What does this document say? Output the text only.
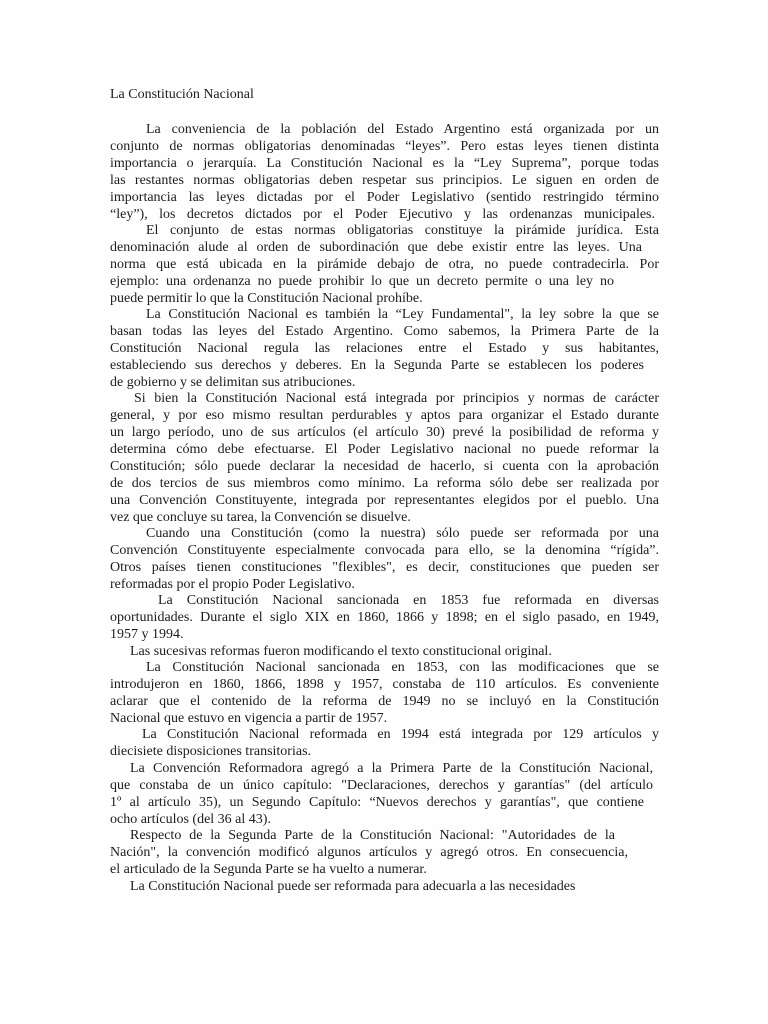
La Constitución Nacional
La conveniencia de la población del Estado Argentino está organizada por un
conjunto de normas obligatorias denominadas “leyes”. Pero estas leyes tienen distinta
importancia o jerarquía. La Constitución Nacional es la “Ley Suprema”, porque todas
las restantes normas obligatorias deben respetar sus principios. Le siguen en orden de
importancia las leyes dictadas por el Poder Legislativo (sentido restringido término
“ley”), los decretos dictados por el Poder Ejecutivo y las ordenanzas municipales.
El conjunto de estas normas obligatorias constituye la pirámide jurídica. Esta
denominación alude al orden de subordinación que debe existir entre las leyes. Una
norma que está ubicada en la pirámide debajo de otra, no puede contradecirla. Por
ejemplo: una ordenanza no puede prohibir lo que un decreto permite o una ley no
puede permitir lo que la Constitución Nacional prohíbe.
La Constitución Nacional es también la “Ley Fundamental", la ley sobre la que se
basan todas las leyes del Estado Argentino. Como sabemos, la Primera Parte de la
Constitución Nacional regula las relaciones entre el Estado y sus habitantes,
estableciendo sus derechos y deberes. En la Segunda Parte se establecen los poderes
de gobierno y se delimitan sus atribuciones.
Si bien la Constitución Nacional está integrada por principios y normas de carácter
general, y por eso mismo resultan perdurables y aptos para organizar el Estado durante
un largo período, uno de sus artículos (el artículo 30) prevé la posibilidad de reforma y
determina cómo debe efectuarse. El Poder Legislativo nacional no puede reformar la
Constitución; sólo puede declarar la necesidad de hacerlo, si cuenta con la aprobación
de dos tercios de sus miembros como mínimo. La reforma sólo debe ser realizada por
una Convención Constituyente, integrada por representantes elegidos por el pueblo. Una
vez que concluye su tarea, la Convención se disuelve.
Cuando una Constitución (como la nuestra) sólo puede ser reformada por una
Convención Constituyente especialmente convocada para ello, se la denomina “rígida”.
Otros países tienen constituciones "flexibles", es decir, constituciones que pueden ser
reformadas por el propio Poder Legislativo.
La Constitución Nacional sancionada en 1853 fue reformada en diversas
oportunidades. Durante el siglo XIX en 1860, 1866 y 1898; en el siglo pasado, en 1949,
1957 y 1994.
Las sucesivas reformas fueron modificando el texto constitucional original.
La Constitución Nacional sancionada en 1853, con las modificaciones que se
introdujeron en 1860, 1866, 1898 y 1957, constaba de 110 artículos. Es conveniente
aclarar que el contenido de la reforma de 1949 no se incluyó en la Constitución
Nacional que estuvo en vigencia a partir de 1957.
La Constitución Nacional reformada en 1994 está integrada por 129 artículos y
diecisiete disposiciones transitorias.
La Convención Reformadora agregó a la Primera Parte de la Constitución Nacional,
que constaba de un único capítulo: "Declaraciones, derechos y garantías" (del artículo
1º al artículo 35), un Segundo Capítulo: “Nuevos derechos y garantías", que contiene
ocho artículos (del 36 al 43).
Respecto de la Segunda Parte de la Constitución Nacional: "Autoridades de la
Nación", la convención modificó algunos artículos y agregó otros. En consecuencia,
el articulado de la Segunda Parte se ha vuelto a numerar.
La Constitución Nacional puede ser reformada para adecuarla a las necesidades
